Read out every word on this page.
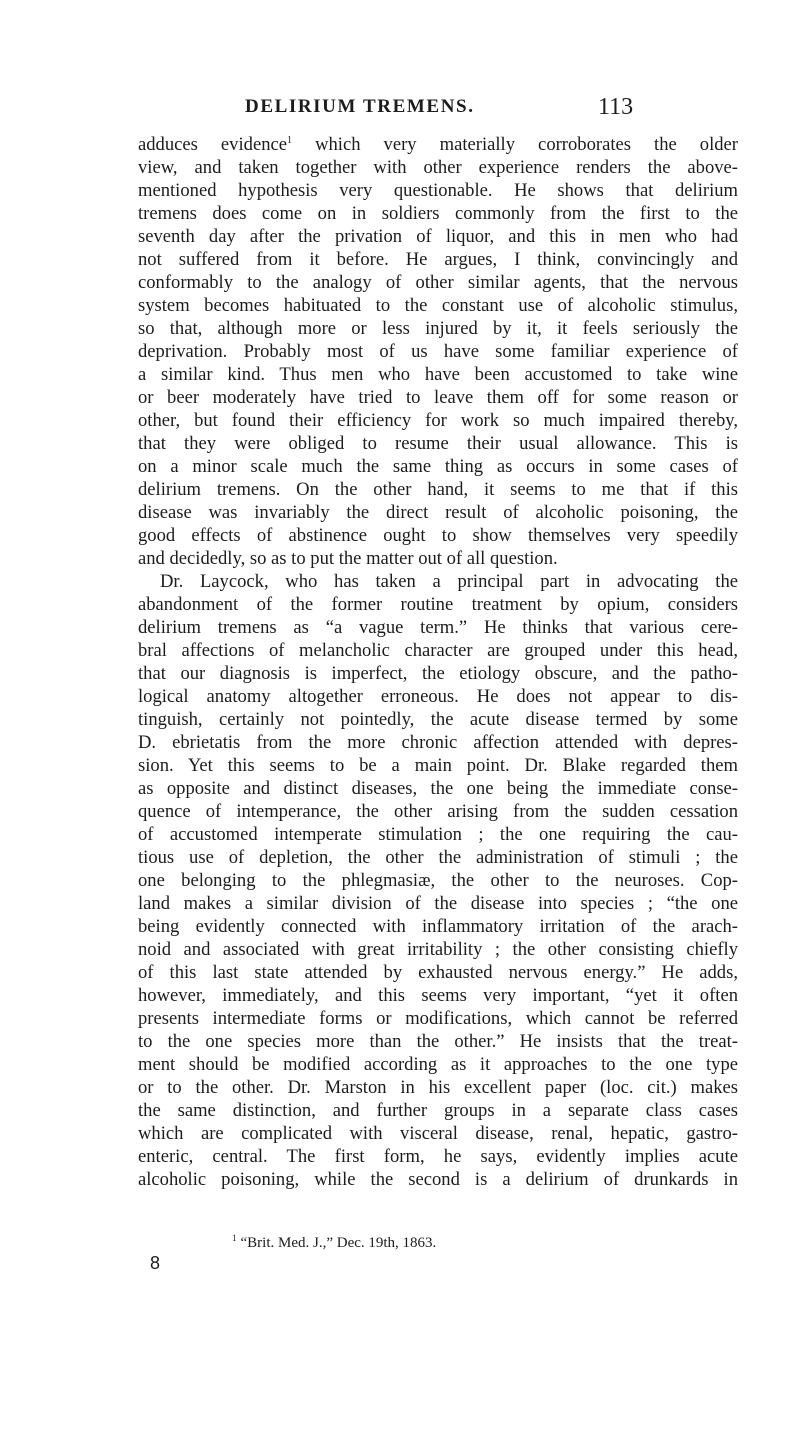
DELIRIUM TREMENS.	113
adduces evidence$^1$ which very materially corroborates the older
view, and taken together with other experience renders the above-
mentioned hypothesis very questionable. He shows that delirium
tremens does come on in soldiers commonly from the first to the
seventh day after the privation of liquor, and this in men who had
not suffered from it before. He argues, I think, convincingly and
conformably to the analogy of other similar agents, that the nervous
system becomes habituated to the constant use of alcoholic stimulus,
so that, although more or less injured by it, it feels seriously the
deprivation. Probably most of us have some familiar experience of
a similar kind. Thus men who have been accustomed to take wine
or beer moderately have tried to leave them off for some reason or
other, but found their efficiency for work so much impaired thereby,
that they were obliged to resume their usual allowance. This is
on a minor scale much the same thing as occurs in some cases of
delirium tremens. On the other hand, it seems to me that if this
disease was invariably the direct result of alcoholic poisoning, the
good effects of abstinence ought to show themselves very speedily
and decidedly, so as to put the matter out of all question.
Dr. Laycock, who has taken a principal part in advocating the
abandonment of the former routine treatment by opium, considers
delirium tremens as “a vague term.” He thinks that various cere-
bral affections of melancholic character are grouped under this head,
that our diagnosis is imperfect, the etiology obscure, and the patho-
logical anatomy altogether erroneous. He does not appear to dis-
tinguish, certainly not pointedly, the acute disease termed by some
D. ebrietatis from the more chronic affection attended with depres-
sion. Yet this seems to be a main point. Dr. Blake regarded them
as opposite and distinct diseases, the one being the immediate conse-
quence of intemperance, the other arising from the sudden cessation
of accustomed intemperate stimulation ; the one requiring the cau-
tious use of depletion, the other the administration of stimuli ; the
one belonging to the phlegmasiæ, the other to the neuroses. Cop-
land makes a similar division of the disease into species ; “the one
being evidently connected with inflammatory irritation of the arach-
noid and associated with great irritability ; the other consisting chiefly
of this last state attended by exhausted nervous energy.” He adds,
however, immediately, and this seems very important, “yet it often
presents intermediate forms or modifications, which cannot be referred
to the one species more than the other.” He insists that the treat-
ment should be modified according as it approaches to the one type
or to the other. Dr. Marston in his excellent paper (loc. cit.) makes
the same distinction, and further groups in a separate class cases
which are complicated with visceral disease, renal, hepatic, gastro-
enteric, central. The first form, he says, evidently implies acute
alcoholic poisoning, while the second is a delirium of drunkards in
$^1$ “Brit. Med. J.,” Dec. 19th, 1863.
8
